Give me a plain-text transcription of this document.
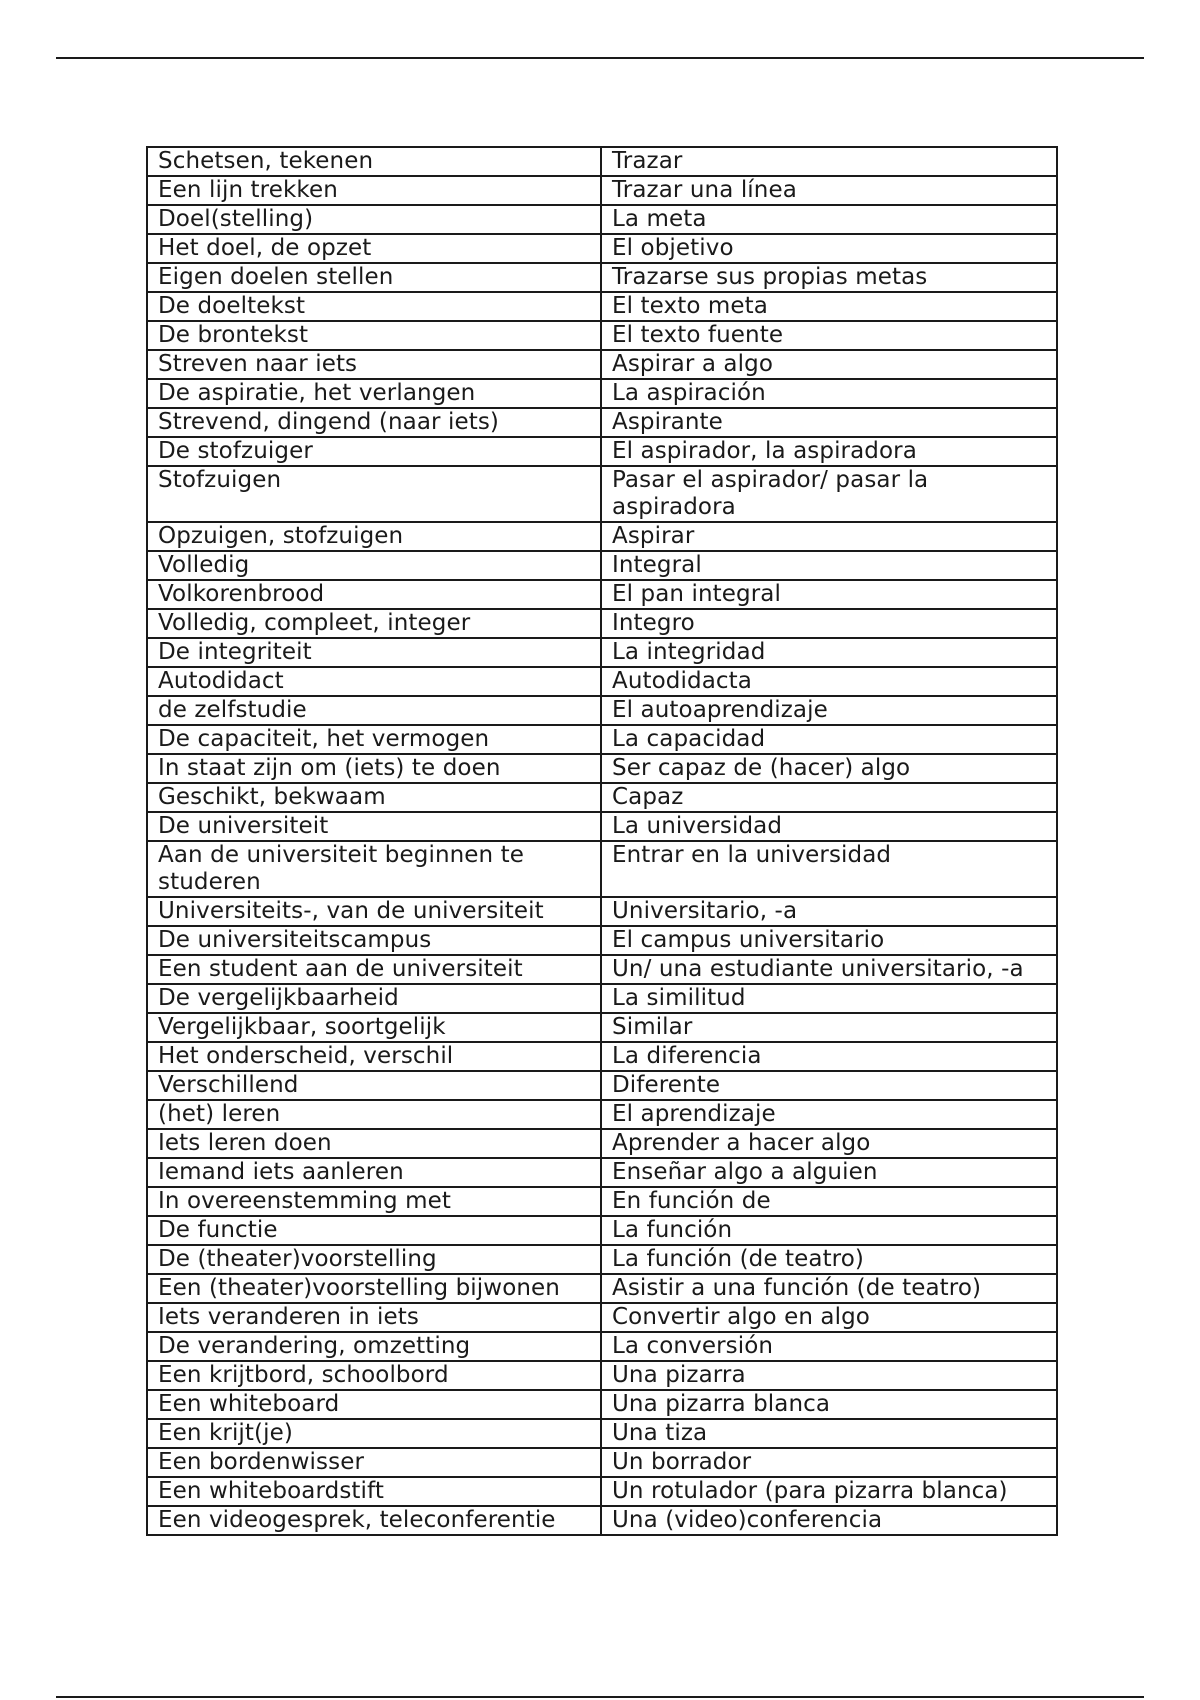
Schetsen, tekenen	Trazar
Een lijn trekken	Trazar una línea
Doel(stelling)	La meta
Het doel, de opzet	El objetivo
Eigen doelen stellen	Trazarse sus propias metas
De doeltekst	El texto meta
De brontekst	El texto fuente
Streven naar iets	Aspirar a algo
De aspiratie, het verlangen	La aspiración
Strevend, dingend (naar iets)	Aspirante
De stofzuiger	El aspirador, la aspiradora
Stofzuigen	Pasar el aspirador/ pasar la aspiradora
Opzuigen, stofzuigen	Aspirar
Volledig	Integral
Volkorenbrood	El pan integral
Volledig, compleet, integer	Integro
De integriteit	La integridad
Autodidact	Autodidacta
de zelfstudie	El autoaprendizaje
De capaciteit, het vermogen	La capacidad
In staat zijn om (iets) te doen	Ser capaz de (hacer) algo
Geschikt, bekwaam	Capaz
De universiteit	La universidad
Aan de universiteit beginnen te studeren	Entrar en la universidad
Universiteits-, van de universiteit	Universitario, -a
De universiteitscampus	El campus universitario
Een student aan de universiteit	Un/ una estudiante universitario, -a
De vergelijkbaarheid	La similitud
Vergelijkbaar, soortgelijk	Similar
Het onderscheid, verschil	La diferencia
Verschillend	Diferente
(het) leren	El aprendizaje
Iets leren doen	Aprender a hacer algo
Iemand iets aanleren	Enseñar algo a alguien
In overeenstemming met	En función de
De functie	La función
De (theater)voorstelling	La función (de teatro)
Een (theater)voorstelling bijwonen	Asistir a una función (de teatro)
Iets veranderen in iets	Convertir algo en algo
De verandering, omzetting	La conversión
Een krijtbord, schoolbord	Una pizarra
Een whiteboard	Una pizarra blanca
Een krijt(je)	Una tiza
Een bordenwisser	Un borrador
Een whiteboardstift	Un rotulador (para pizarra blanca)
Een videogesprek, teleconferentie	Una (video)conferencia
